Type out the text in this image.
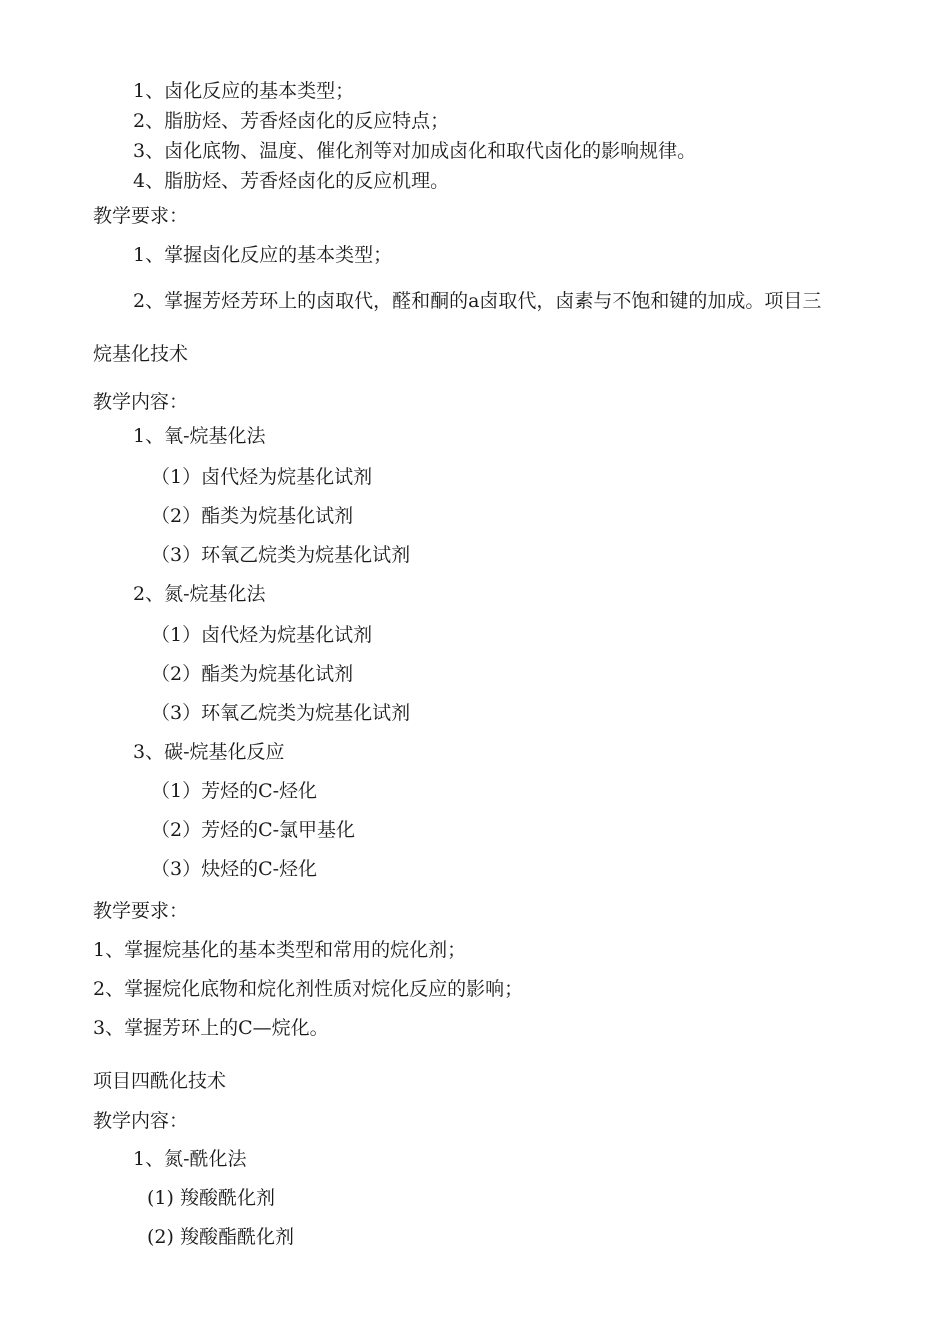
1、卤化反应的基本类型；
2、脂肪烃、芳香烃卤化的反应特点；
3、卤化底物、温度、催化剂等对加成卤化和取代卤化的影响规律。
4、脂肪烃、芳香烃卤化的反应机理。
教学要求：
1、掌握卤化反应的基本类型；
2、掌握芳烃芳环上的卤取代，醛和酮的a卤取代，卤素与不饱和键的加成。项目三
烷基化技术
教学内容：
1、氧-烷基化法
（1）卤代烃为烷基化试剂
（2）酯类为烷基化试剂
（3）环氧乙烷类为烷基化试剂
2、氮-烷基化法
（1）卤代烃为烷基化试剂
（2）酯类为烷基化试剂
（3）环氧乙烷类为烷基化试剂
3、碳-烷基化反应
（1）芳烃的C-烃化
（2）芳烃的C-氯甲基化
（3）炔烃的C-烃化
教学要求：
1、掌握烷基化的基本类型和常用的烷化剂；
2、掌握烷化底物和烷化剂性质对烷化反应的影响；
3、掌握芳环上的C—烷化。
项目四酰化技术
教学内容：
1、氮-酰化法
(1) 羧酸酰化剂
(2) 羧酸酯酰化剂
